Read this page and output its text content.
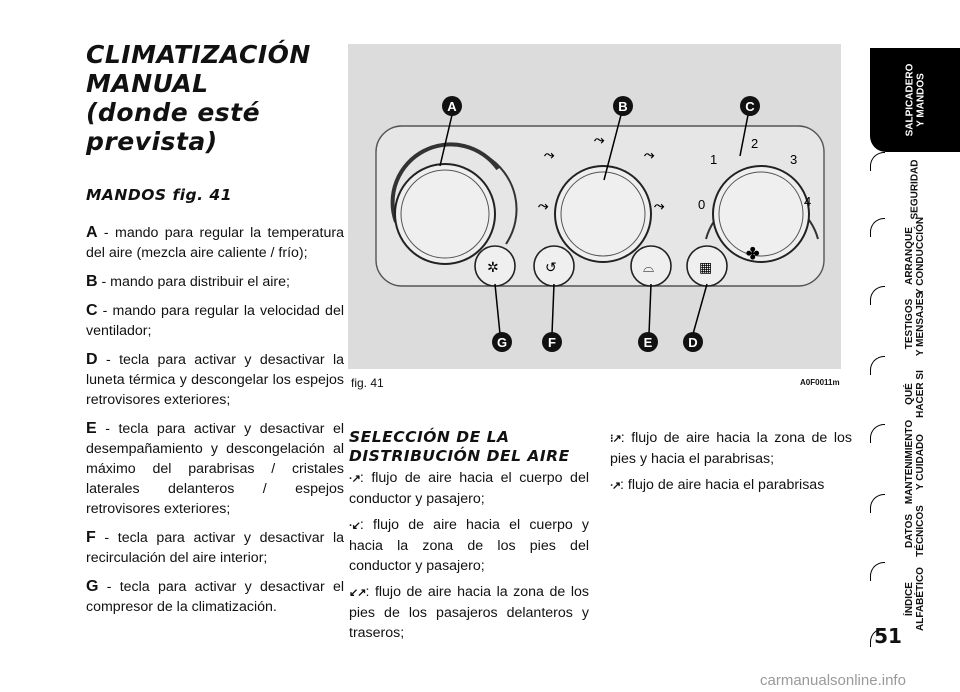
CLIMATIZACIÓN
MANUAL
(donde esté
prevista)
MANDOS fig. 41

A - mando para regular la temperatura del aire (mezcla aire caliente / frío);

B - mando para distribuir el aire;

C - mando para regular la velocidad del ventilador;

D - tecla para activar y desactivar la luneta térmica y descongelar los espejos retrovisores exteriores;

E - tecla para activar y desactivar el desempañamiento y descongelación al máximo del parabrisas / cristales laterales delanteros / espejos retrovisores exteriores;

F - tecla para activar y desactivar la recirculación del aire interior;

G - tecla para activar y desactivar el compresor de la climatización.

⤳
⤳
⤳
⤳
⤳	0
1
2
3
4
✤
✲	↺	⌓	▦
A	B	C
G	F	E	D
fig. 41	A0F0011m
SELECCIÓN DE LA
DISTRIBUCIÓN DEL AIRE

·↗: flujo de aire hacia el cuerpo del conductor y pasajero;

·↙: flujo de aire hacia el cuerpo y hacia la zona de los pies del conductor y pasajero;

↙↗: flujo de aire hacia la zona de los pies de los pasajeros delanteros y traseros;

⁝↗: flujo de aire hacia la zona de los pies y hacia el parabrisas;

ᐧ↗: flujo de aire hacia el parabrisas

SALPICADERO Y MANDOS
SEGURIDAD
ARRANQUE Y CONDUCCIÓN
TESTIGOS Y MENSAJES
QUÉ HACER SI
MANTENIMIENTO Y CUIDADO
DATOS TÉCNICOS
ÍNDICE ALFABÉTICO
51
carmanualsonline.info
